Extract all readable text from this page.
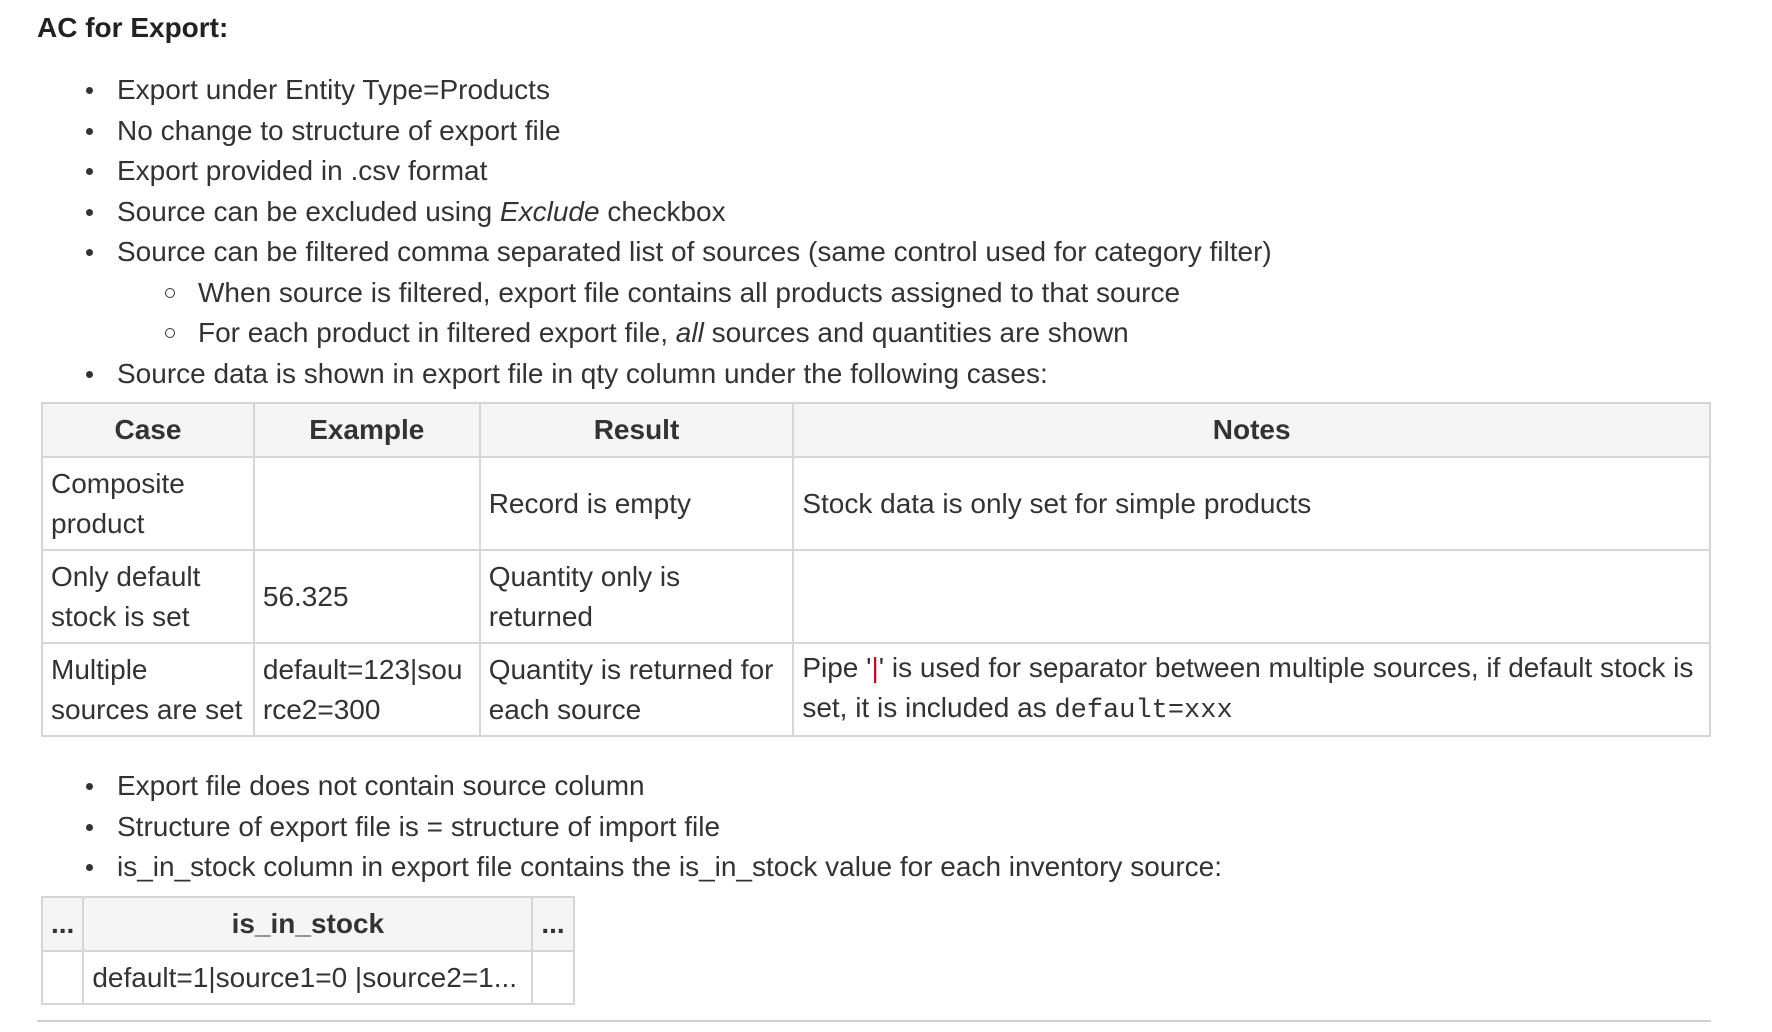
AC for Export:
Export under Entity Type=Products
No change to structure of export file
Export provided in .csv format
Source can be excluded using Exclude checkbox
Source can be filtered comma separated list of sources (same control used for category filter)
When source is filtered, export file contains all products assigned to that source
For each product in filtered export file, all sources and quantities are shown
Source data is shown in export file in qty column under the following cases:
Case	Example	Result	Notes
Composite product		Record is empty	Stock data is only set for simple products
Only default stock is set	56.325	Quantity only is returned	
Multiple sources are set	default=123|source2=300	Quantity is returned for each source	Pipe '|' is used for separator between multiple sources, if default stock is set, it is included as default=xxx
Export file does not contain source column
Structure of export file is = structure of import file
is_in_stock column in export file contains the is_in_stock value for each inventory source:
...	is_in_stock	...
	default=1|source1=0 |source2=1...	
